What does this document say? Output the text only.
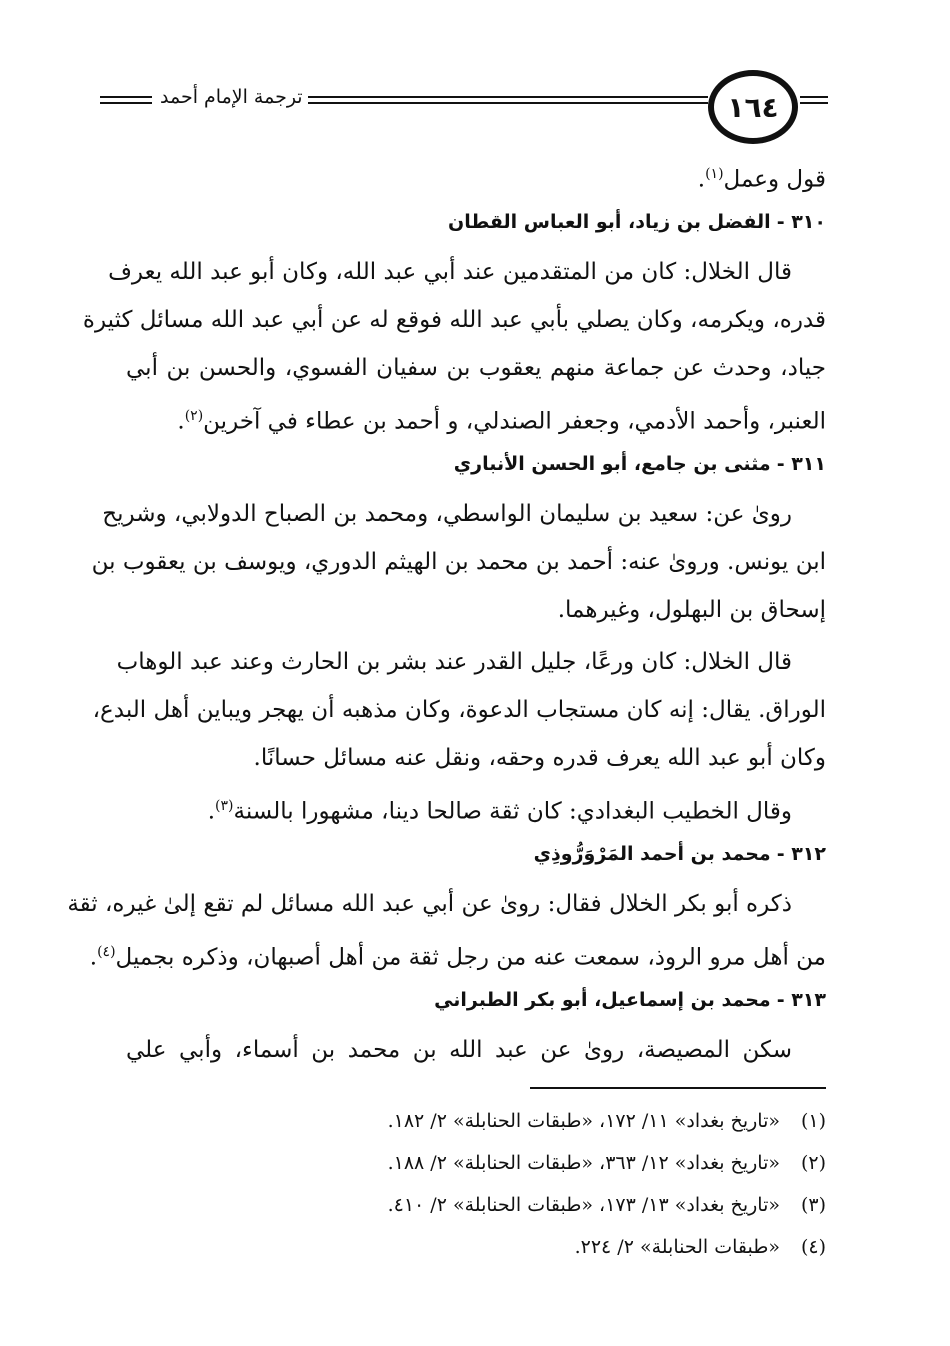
ترجمة الإمام أحمد	١٦٤
قول وعمل$^{(١)}$.
٣١٠ -الفضل بن زياد، أبو العباس القطان
قال الخلال: كان من المتقدمين عند أبي عبد الله، وكان أبو عبد الله يعرف
قدره، ويكرمه، وكان يصلي بأبي عبد الله فوقع له عن أبي عبد الله مسائل كثيرة
جياد، وحدث عن جماعة منهم يعقوب بن سفيان الفسوي، والحسن بن أبي
العنبر، وأحمد الأدمي، وجعفر الصندلي، و أحمد بن عطاء في آخرين$^{(٢)}$.
٣١١ -مثنى بن جامع، أبو الحسن الأنباري
روىٰ عن: سعيد بن سليمان الواسطي، ومحمد بن الصباح الدولابي، وشريح
ابن يونس. وروىٰ عنه: أحمد بن محمد بن الهيثم الدوري، ويوسف بن يعقوب بن
إسحاق بن البهلول، وغيرهما.
قال الخلال: كان ورعًا، جليل القدر عند بشر بن الحارث وعند عبد الوهاب
الوراق. يقال: إنه كان مستجاب الدعوة، وكان مذهبه أن يهجر ويباين أهل البدع،
وكان أبو عبد الله يعرف قدره وحقه، ونقل عنه مسائل حسانًا.
وقال الخطيب البغدادي: كان ثقة صالحا دينا، مشهورا بالسنة$^{(٣)}$.
٣١٢ -محمد بن أحمد المَرْوَرُّوذِي
ذكره أبو بكر الخلال فقال: روىٰ عن أبي عبد الله مسائل لم تقع إلىٰ غيره، ثقة
من أهل مرو الروذ، سمعت عنه من رجل ثقة من أهل أصبهان، وذكره بجميل$^{(٤)}$.
٣١٣ -محمد بن إسماعيل، أبو بكر الطبراني
سكن المصيصة، روىٰ عن عبد الله بن محمد بن أسماء، وأبي علي
(١)«تاريخ بغداد» ١١/ ١٧٢، «طبقات الحنابلة» ٢/ ١٨٢.
(٢)«تاريخ بغداد» ١٢/ ٣٦٣، «طبقات الحنابلة» ٢/ ١٨٨.
(٣)«تاريخ بغداد» ١٣/ ١٧٣، «طبقات الحنابلة» ٢/ ٤١٠.
(٤)«طبقات الحنابلة» ٢/ ٢٢٤.
